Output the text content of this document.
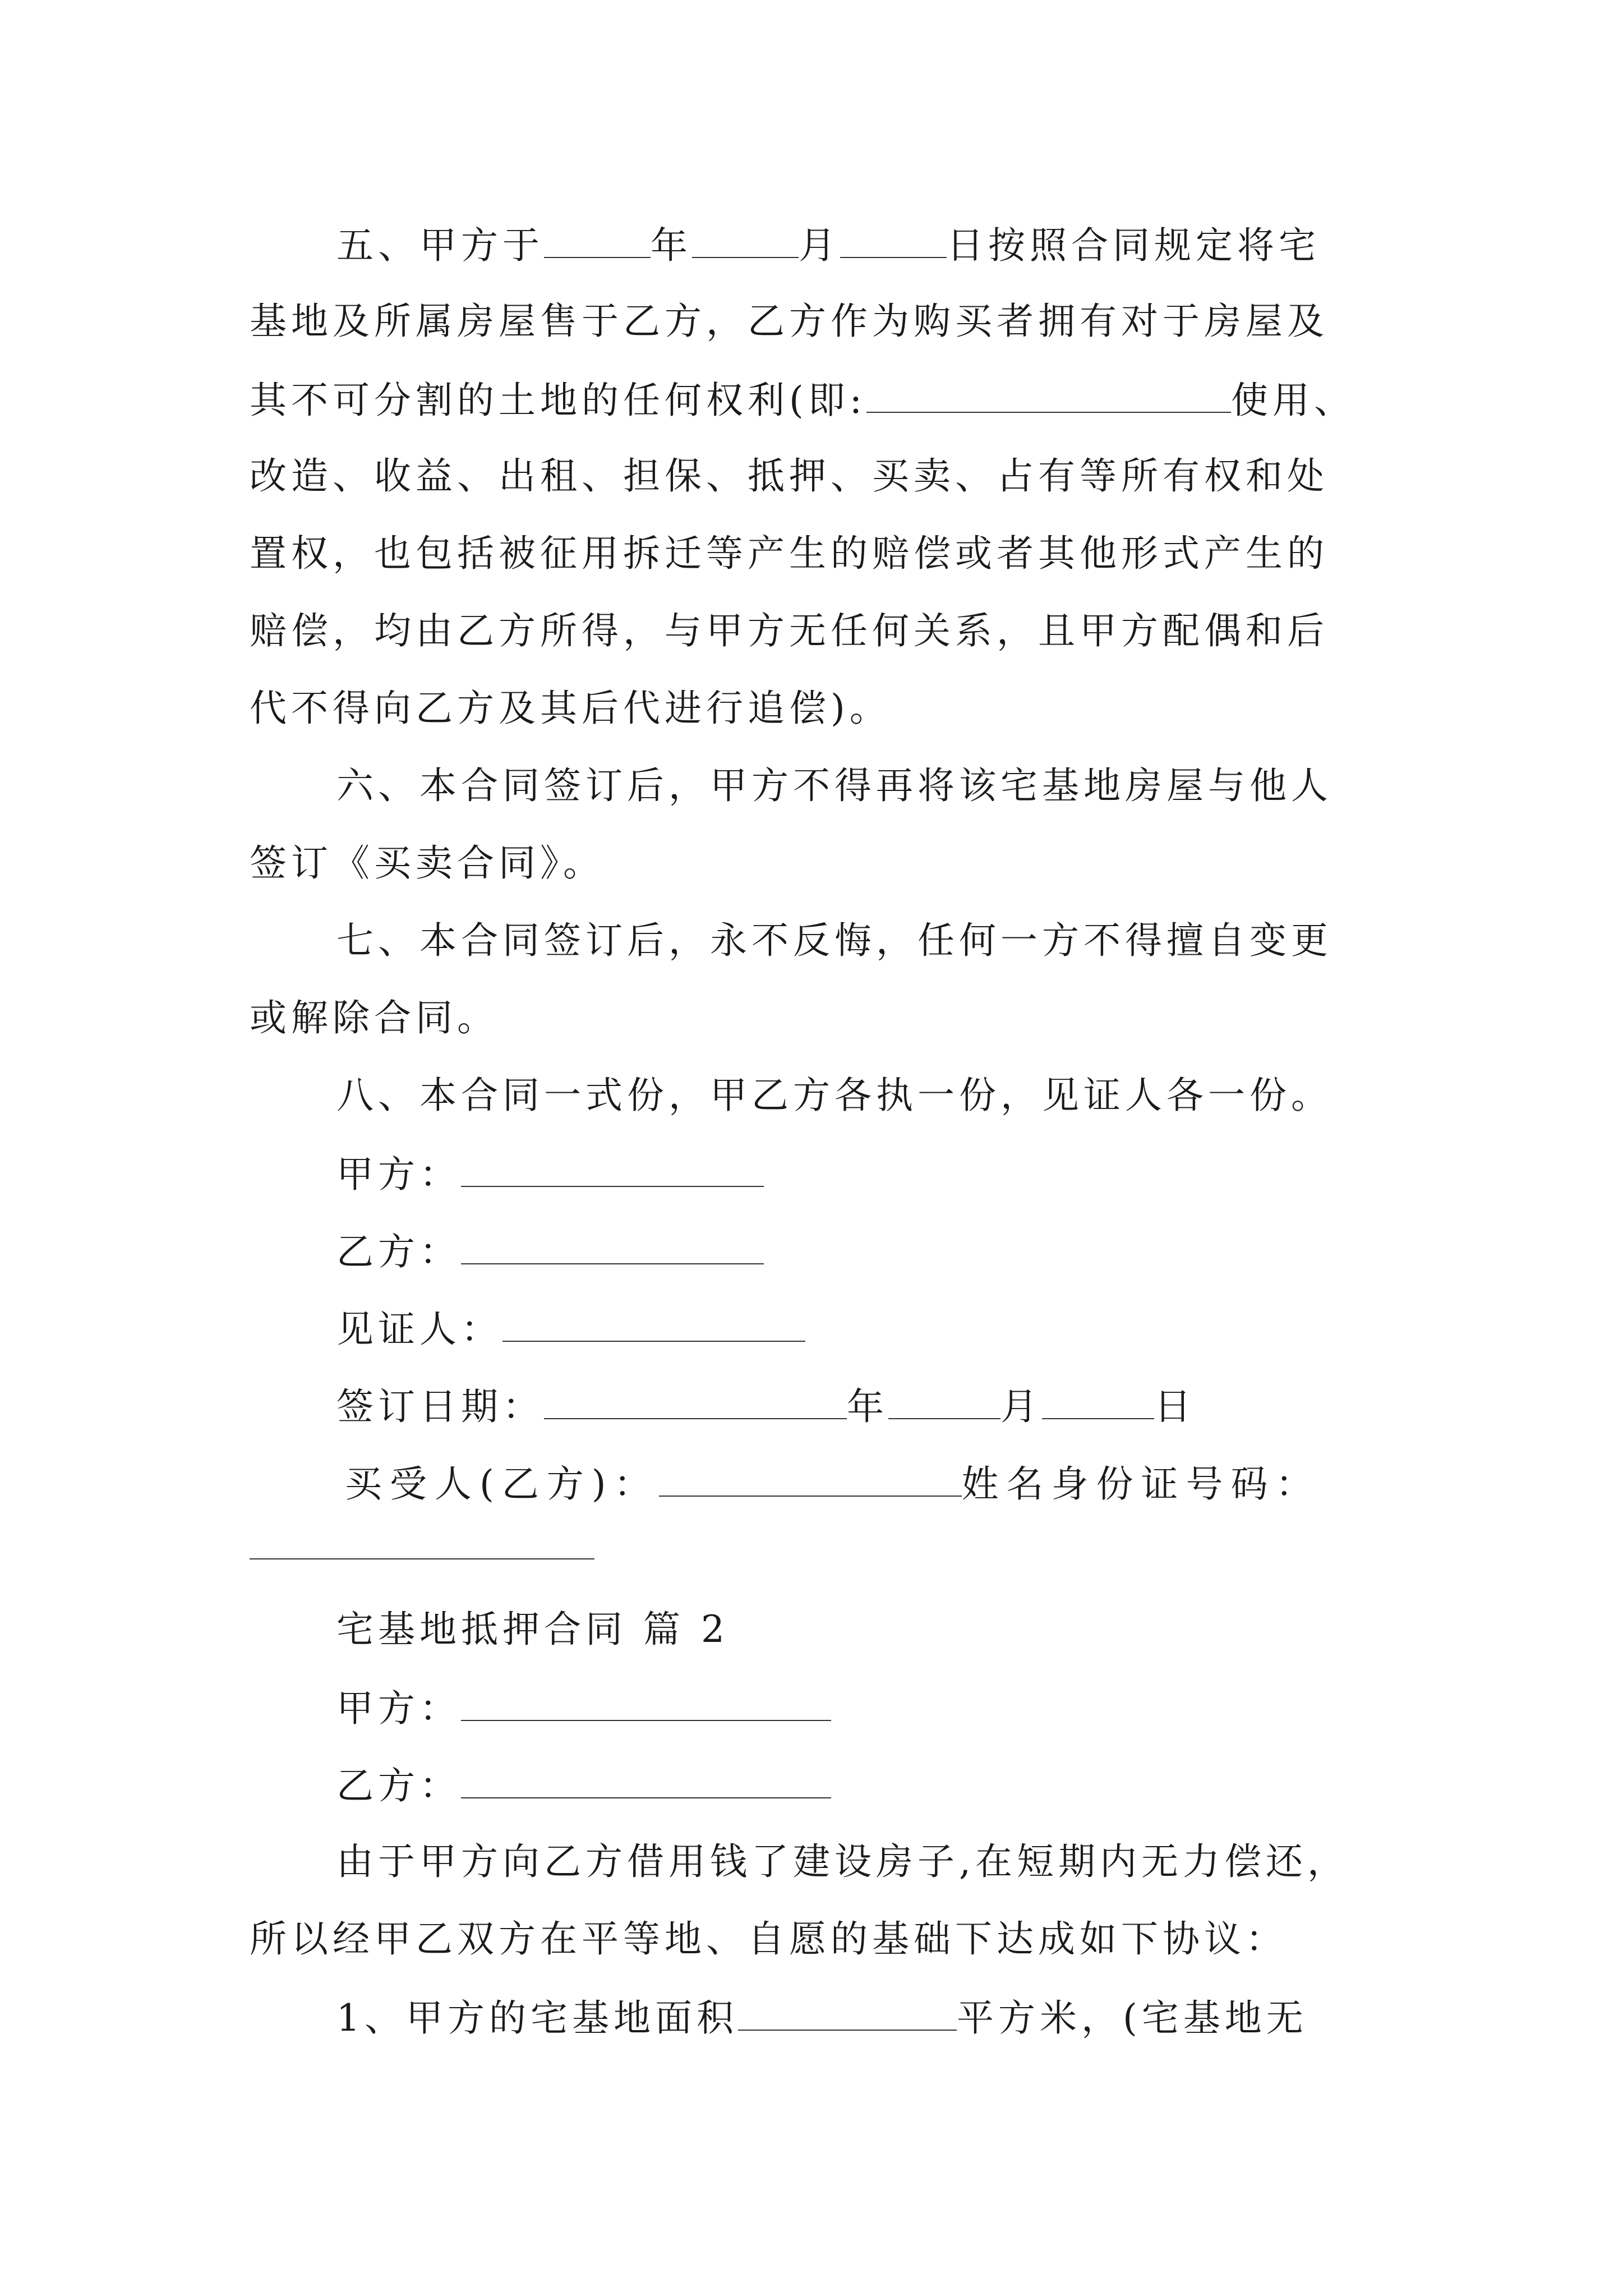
五、甲方于	年	月	日按照合同规定将宅
基地及所属房屋售于乙方，乙方作为购买者拥有对于房屋及
其不可分割的土地的任何权利(即:	使用、
改造、收益、出租、担保、抵押、买卖、占有等所有权和处
置权，也包括被征用拆迁等产生的赔偿或者其他形式产生的
赔偿，均由乙方所得，与甲方无任何关系，且甲方配偶和后
代不得向乙方及其后代进行追偿)。
六、本合同签订后，甲方不得再将该宅基地房屋与他人
签订《买卖合同》。
七、本合同签订后，永不反悔，任何一方不得擅自变更
或解除合同。
八、本合同一式份，甲乙方各执一份，见证人各一份。
甲方：
乙方：
见证人：
签订日期：	年	月	日
买受人(乙方)：	姓名身份证号码：
宅基地抵押合同 篇 2
甲方：
乙方：
由于甲方向乙方借用钱了建设房子,在短期内无力偿还，
所以经甲乙双方在平等地、自愿的基础下达成如下协议：
1、甲方的宅基地面积	平方米，(宅基地无
